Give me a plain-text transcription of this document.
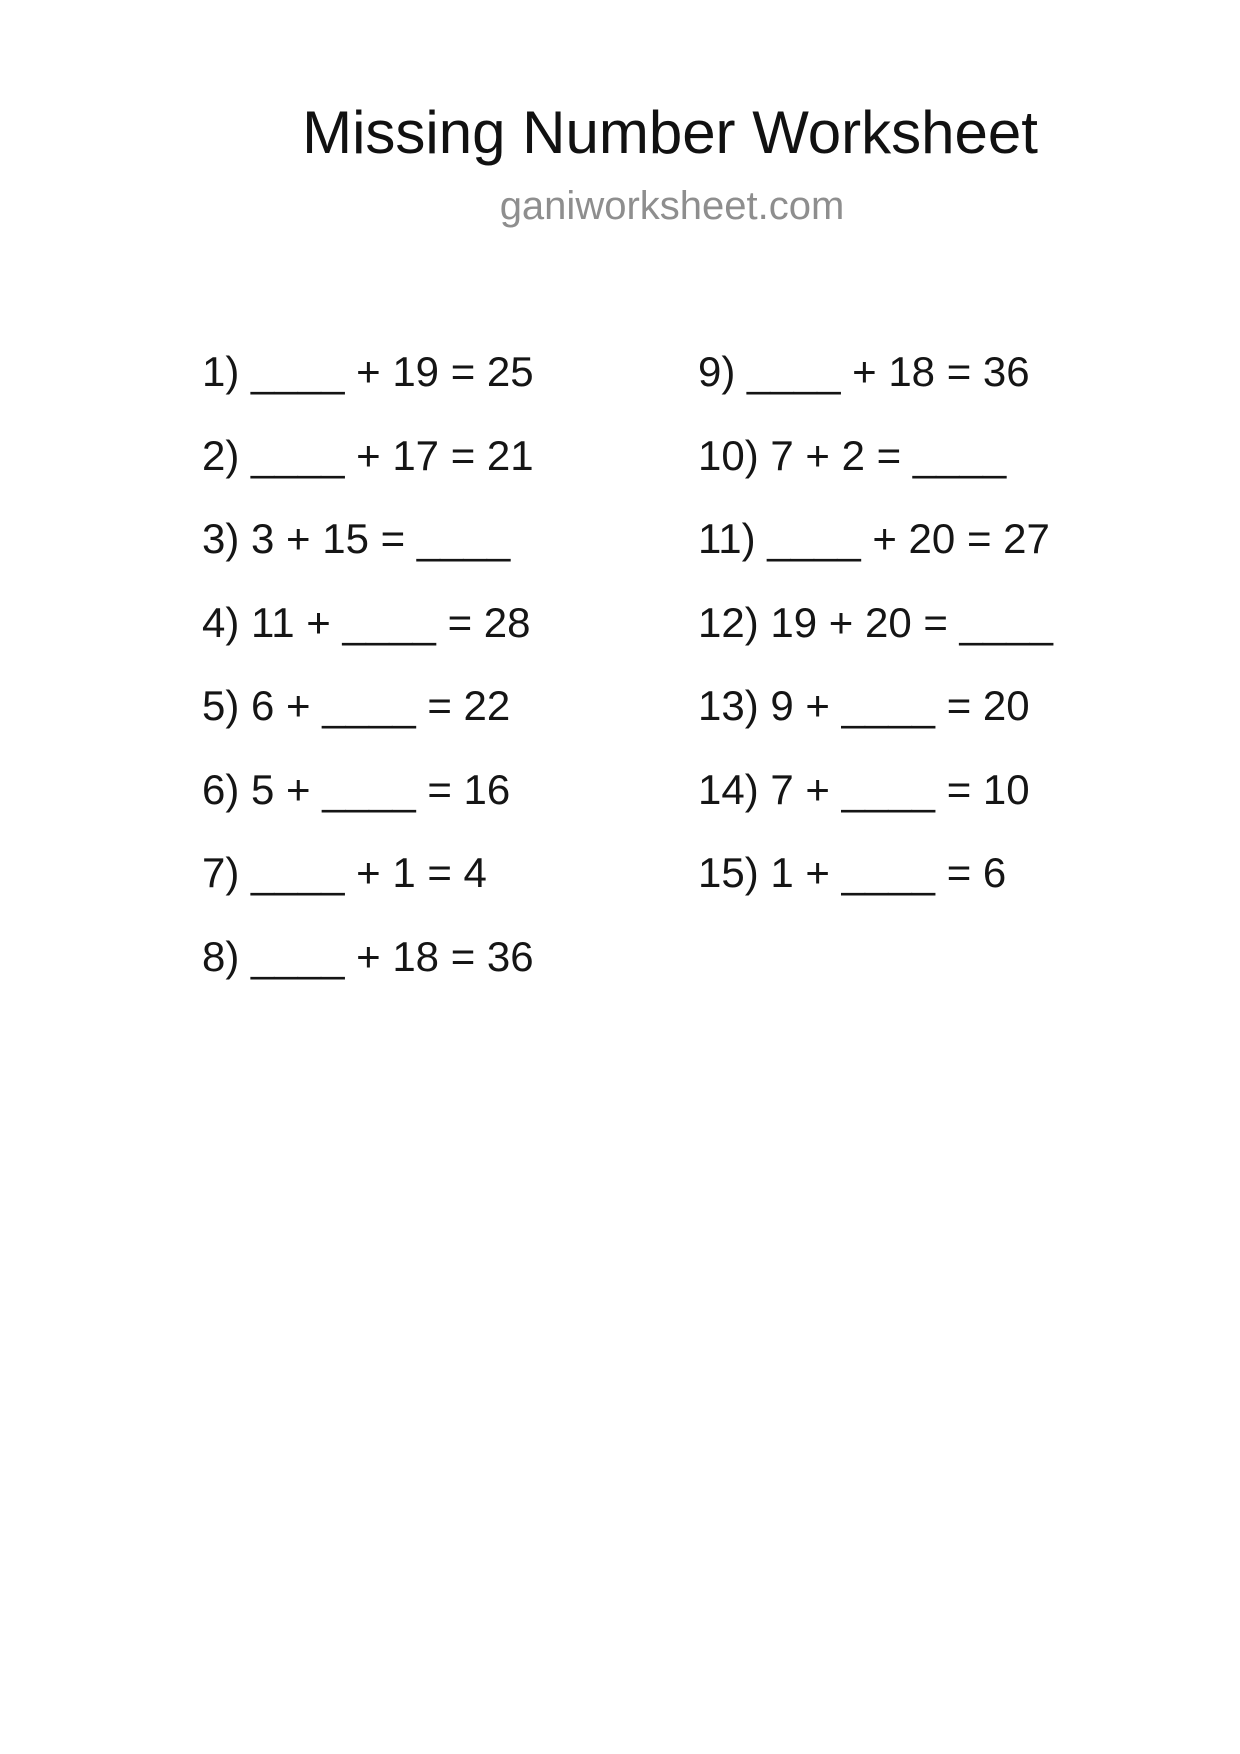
Missing Number Worksheet
ganiworksheet.com
1) ____ + 19 = 25
2) ____ + 17 = 21
3) 3 + 15 = ____
4) 11 + ____ = 28
5) 6 + ____ = 22
6) 5 + ____ = 16
7) ____ + 1 = 4
8) ____ + 18 = 36
9) ____ + 18 = 36
10) 7 + 2 = ____
11) ____ + 20 = 27
12) 19 + 20 = ____
13) 9 + ____ = 20
14) 7 + ____ = 10
15) 1 + ____ = 6
